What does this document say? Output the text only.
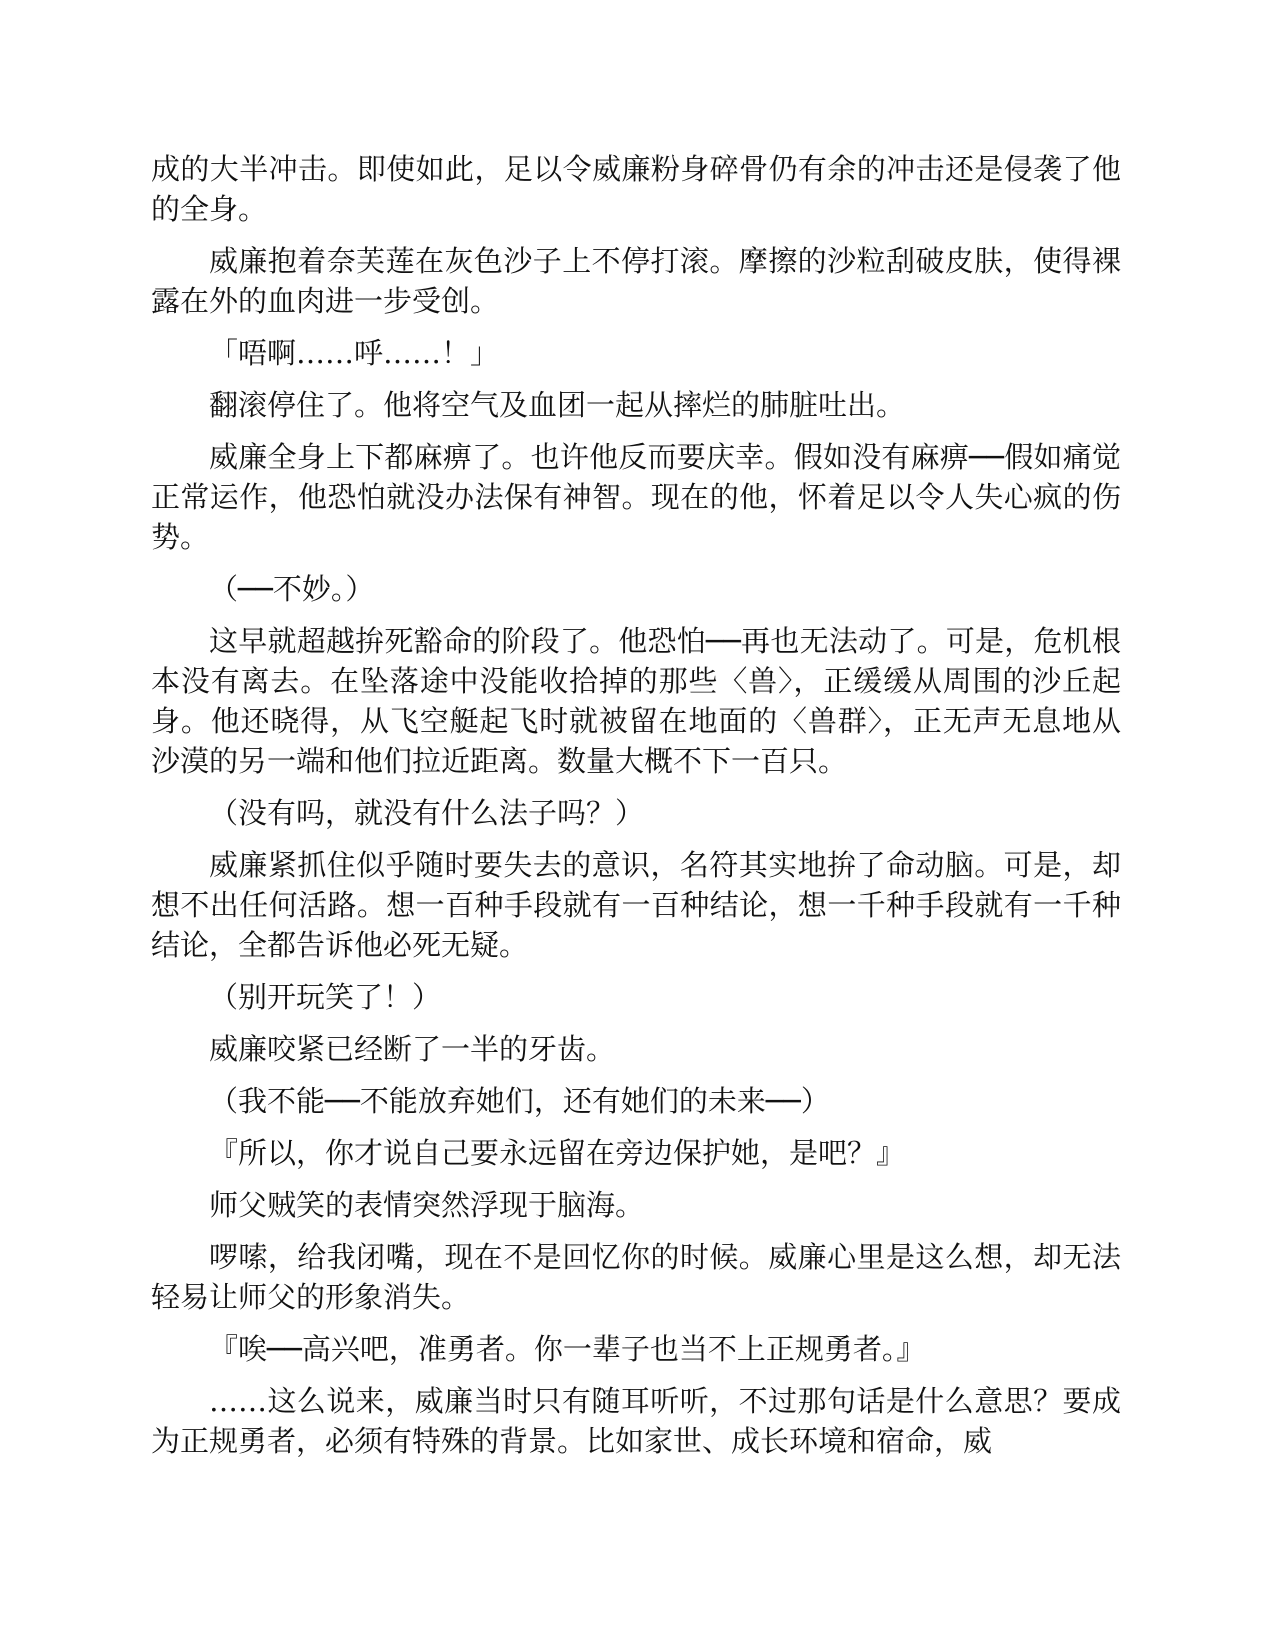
成的大半冲击。即使如此，足以令威廉粉身碎骨仍有余的冲击还是侵袭了他的全身。

威廉抱着奈芙莲在灰色沙子上不停打滚。摩擦的沙粒刮破皮肤，使得裸露在外的血肉进一步受创。

「唔啊……呼……！」

翻滚停住了。他将空气及血团一起从摔烂的肺脏吐出。

威廉全身上下都麻痹了。也许他反而要庆幸。假如没有麻痹──假如痛觉正常运作，他恐怕就没办法保有神智。现在的他，怀着足以令人失心疯的伤势。

（──不妙。）

这早就超越拚死豁命的阶段了。他恐怕──再也无法动了。可是，危机根本没有离去。在坠落途中没能收拾掉的那些〈兽〉，正缓缓从周围的沙丘起身。他还晓得，从飞空艇起飞时就被留在地面的〈兽群〉，正无声无息地从沙漠的另一端和他们拉近距离。数量大概不下一百只。

（没有吗，就没有什么法子吗？）

威廉紧抓住似乎随时要失去的意识，名符其实地拚了命动脑。可是，却想不出任何活路。想一百种手段就有一百种结论，想一千种手段就有一千种结论，全都告诉他必死无疑。

（别开玩笑了！）

威廉咬紧已经断了一半的牙齿。

（我不能──不能放弃她们，还有她们的未来──）

『所以，你才说自己要永远留在旁边保护她，是吧？』

师父贼笑的表情突然浮现于脑海。

啰嗦，给我闭嘴，现在不是回忆你的时候。威廉心里是这么想，却无法轻易让师父的形象消失。

『唉──高兴吧，准勇者。你一辈子也当不上正规勇者。』

……这么说来，威廉当时只有随耳听听，不过那句话是什么意思？要成为正规勇者，必须有特殊的背景。比如家世、成长环境和宿命，威
